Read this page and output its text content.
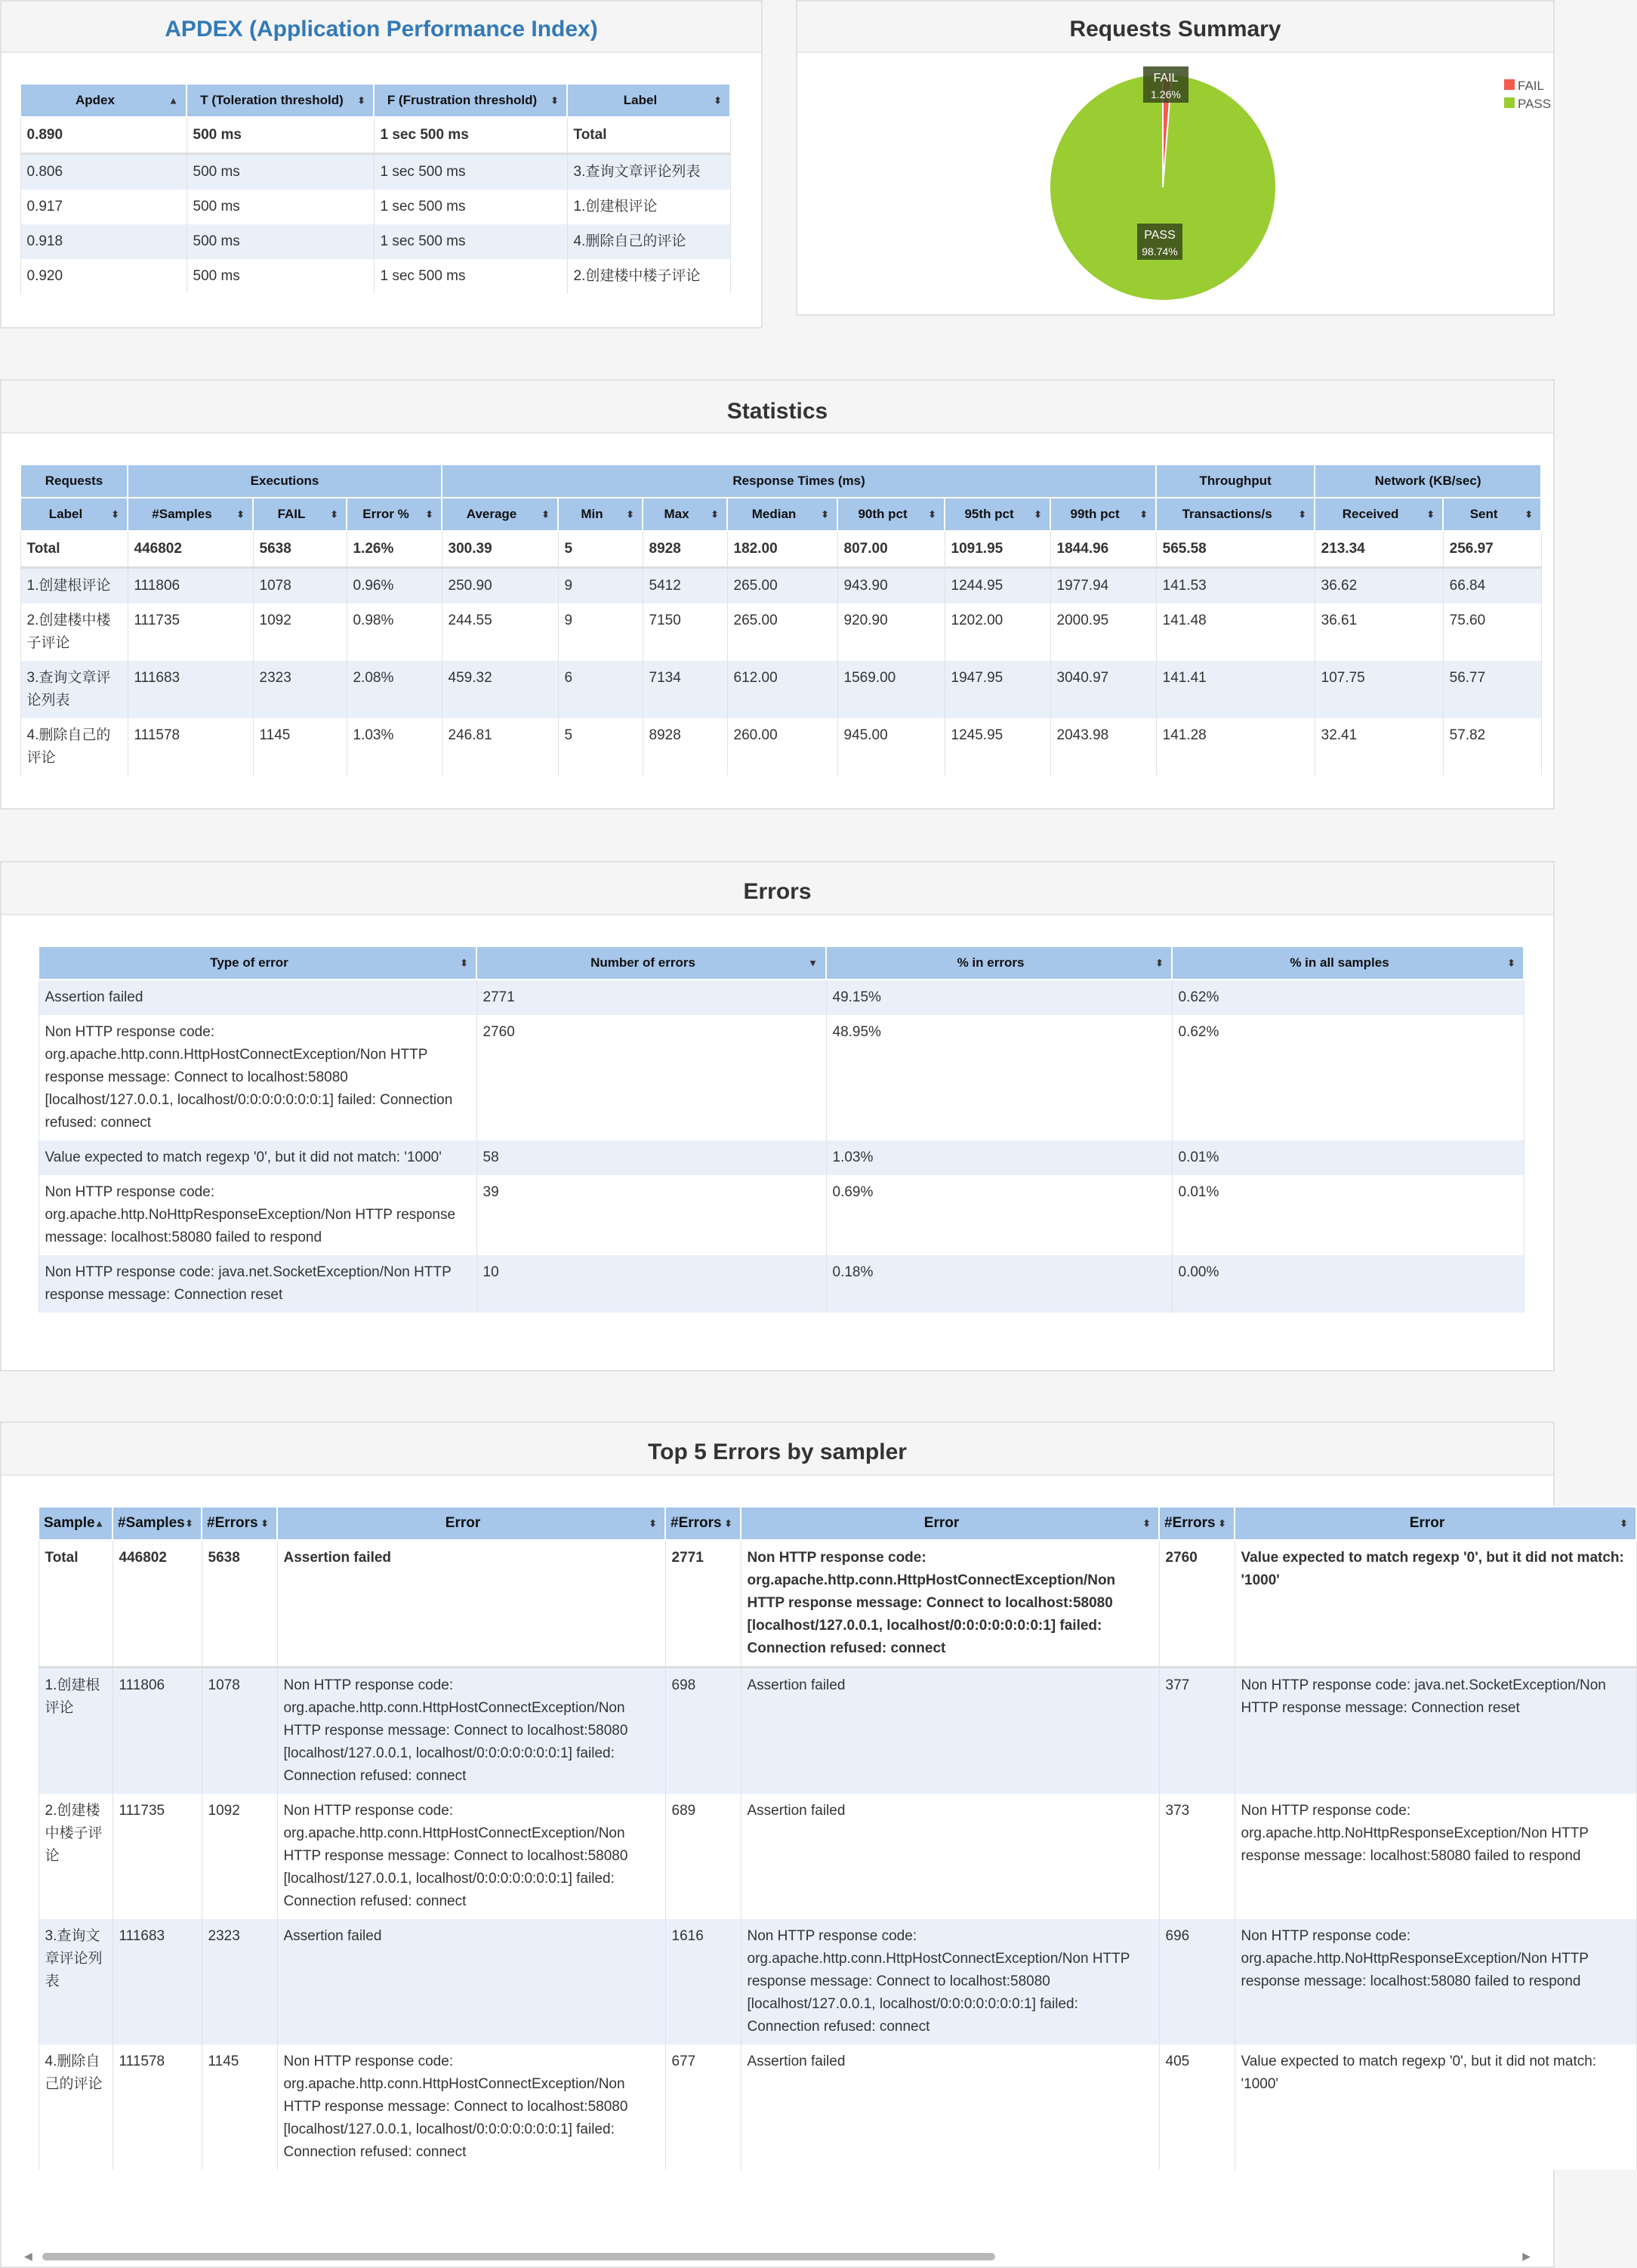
APDEX (Application Performance Index)
Apdex ▲	T (Toleration threshold) ⬍	F (Frustration threshold) ⬍	Label ⬍

0.890	500 ms	1 sec 500 ms	Total
0.806	500 ms	1 sec 500 ms	3.查询文章评论列表
0.917	500 ms	1 sec 500 ms	1.创建根评论
0.918	500 ms	1 sec 500 ms	4.删除自己的评论
0.920	500 ms	1 sec 500 ms	2.创建楼中楼子评论
Requests Summary
FAIL
1.26%
PASS
98.74%
FAIL
PASS
Statistics
Requests	Executions			Response Times (ms)							Throughput	Network (KB/sec)	
Label ⬍	#Samples ⬍	FAIL ⬍	Error % ⬍	Average ⬍	Min ⬍	Max ⬍	Median ⬍	90th pct ⬍	95th pct ⬍	99th pct ⬍	Transactions/s ⬍	Received ⬍	Sent ⬍

Total	446802	5638	1.26%	300.39	5	8928	182.00	807.00	1091.95	1844.96	565.58	213.34	256.97
1.创建根评论	111806	1078	0.96%	250.90	9	5412	265.00	943.90	1244.95	1977.94	141.53	36.62	66.84
2.创建楼中楼子评论	111735	1092	0.98%	244.55	9	7150	265.00	920.90	1202.00	2000.95	141.48	36.61	75.60
3.查询文章评论列表	111683	2323	2.08%	459.32	6	7134	612.00	1569.00	1947.95	3040.97	141.41	107.75	56.77
4.删除自己的评论	111578	1145	1.03%	246.81	5	8928	260.00	945.00	1245.95	2043.98	141.28	32.41	57.82
Errors
Type of error ⬍	Number of errors ▼	% in errors ⬍	% in all samples ⬍

Assertion failed	2771	49.15%	0.62%
Non HTTP response code: org.apache.http.conn.HttpHostConnectException/Non HTTP response message: Connect to localhost:58080 [localhost/127.0.0.1, localhost/0:0:0:0:0:0:0:1] failed: Connection refused: connect	2760	48.95%	0.62%
Value expected to match regexp '0', but it did not match: '1000'	58	1.03%	0.01%
Non HTTP response code: org.apache.http.NoHttpResponseException/Non HTTP response message: localhost:58080 failed to respond	39	0.69%	0.01%
Non HTTP response code: java.net.SocketException/Non HTTP response message: Connection reset	10	0.18%	0.00%
Top 5 Errors by sampler
Sample ▲	#Samples ⬍	#Errors ⬍	Error ⬍	#Errors ⬍	Error ⬍	#Errors ⬍	Error ⬍

Total	446802	5638	Assertion failed	2771	Non HTTP response code: org.apache.http.conn.HttpHostConnectException/Non HTTP response message: Connect to localhost:58080 [localhost/127.0.0.1, localhost/0:0:0:0:0:0:0:1] failed: Connection refused: connect	2760	Value expected to match regexp '0', but it did not match: '1000'
1.创建根评论	111806	1078	Non HTTP response code: org.apache.http.conn.HttpHostConnectException/Non HTTP response message: Connect to localhost:58080 [localhost/127.0.0.1, localhost/0:0:0:0:0:0:0:1] failed: Connection refused: connect	698	Assertion failed	377	Non HTTP response code: java.net.SocketException/Non HTTP response message: Connection reset
2.创建楼中楼子评论	111735	1092	Non HTTP response code: org.apache.http.conn.HttpHostConnectException/Non HTTP response message: Connect to localhost:58080 [localhost/127.0.0.1, localhost/0:0:0:0:0:0:0:1] failed: Connection refused: connect	689	Assertion failed	373	Non HTTP response code: org.apache.http.NoHttpResponseException/Non HTTP response message: localhost:58080 failed to respond
3.查询文章评论列表	111683	2323	Assertion failed	1616	Non HTTP response code: org.apache.http.conn.HttpHostConnectException/Non HTTP response message: Connect to localhost:58080 [localhost/127.0.0.1, localhost/0:0:0:0:0:0:0:1] failed: Connection refused: connect	696	Non HTTP response code: org.apache.http.NoHttpResponseException/Non HTTP response message: localhost:58080 failed to respond
4.删除自己的评论	111578	1145	Non HTTP response code: org.apache.http.conn.HttpHostConnectException/Non HTTP response message: Connect to localhost:58080 [localhost/127.0.0.1, localhost/0:0:0:0:0:0:0:1] failed: Connection refused: connect	677	Assertion failed	405	Value expected to match regexp '0', but it did not match: '1000'
◀	▶
